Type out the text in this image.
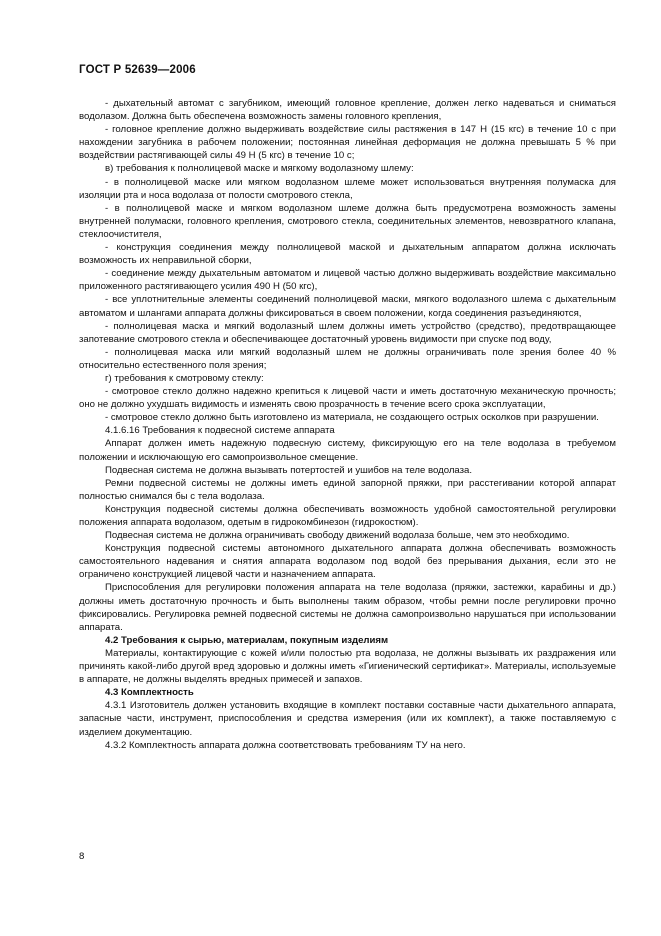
ГОСТ Р 52639—2006

- дыхательный автомат с загубником, имеющий головное крепление, должен легко надеваться и сниматься водолазом. Должна быть обеспечена возможность замены головного крепления,

- головное крепление должно выдерживать воздействие силы растяжения в 147 Н (15 кгс) в течение 10 с при нахождении загубника в рабочем положении; постоянная линейная деформация не должна превышать 5 % при воздействии растягивающей силы 49 Н (5 кгс) в течение 10 с;

в) требования к полнолицевой маске и мягкому водолазному шлему:

- в полнолицевой маске или мягком водолазном шлеме может использоваться внутренняя полумаска для изоляции рта и носа водолаза от полости смотрового стекла,

- в полнолицевой маске и мягком водолазном шлеме должна быть предусмотрена возможность замены внутренней полумаски, головного крепления, смотрового стекла, соединительных элементов, невозвратного клапана, стеклоочистителя,

- конструкция соединения между полнолицевой маской и дыхательным аппаратом должна исключать возможность их неправильной сборки,

- соединение между дыхательным автоматом и лицевой частью должно выдерживать воздействие максимально приложенного растягивающего усилия 490 Н (50 кгс),

- все уплотнительные элементы соединений полнолицевой маски, мягкого водолазного шлема с дыхательным автоматом и шлангами аппарата должны фиксироваться в своем положении, когда соединения разъединяются,

- полнолицевая маска и мягкий водолазный шлем должны иметь устройство (средство), предотвращающее запотевание смотрового стекла и обеспечивающее достаточный уровень видимости при спуске под воду,

- полнолицевая маска или мягкий водолазный шлем не должны ограничивать поле зрения более 40 % относительно естественного поля зрения;

г) требования к смотровому стеклу:

- смотровое стекло должно надежно крепиться к лицевой части и иметь достаточную механическую прочность; оно не должно ухудшать видимость и изменять свою прозрачность в течение всего срока эксплуатации,

- смотровое стекло должно быть изготовлено из материала, не создающего острых осколков при разрушении.

4.1.6.16 Требования к подвесной системе аппарата

Аппарат должен иметь надежную подвесную систему, фиксирующую его на теле водолаза в требуемом положении и исключающую его самопроизвольное смещение.

Подвесная система не должна вызывать потертостей и ушибов на теле водолаза.

Ремни подвесной системы не должны иметь единой запорной пряжки, при расстегивании которой аппарат полностью снимался бы с тела водолаза.

Конструкция подвесной системы должна обеспечивать возможность удобной самостоятельной регулировки положения аппарата водолазом, одетым в гидрокомбинезон (гидрокостюм).

Подвесная система не должна ограничивать свободу движений водолаза больше, чем это необходимо.

Конструкция подвесной системы автономного дыхательного аппарата должна обеспечивать возможность самостоятельного надевания и снятия аппарата водолазом под водой без прерывания дыхания, если это не ограничено конструкцией лицевой части и назначением аппарата.

Приспособления для регулировки положения аппарата на теле водолаза (пряжки, застежки, карабины и др.) должны иметь достаточную прочность и быть выполнены таким образом, чтобы ремни после регулировки прочно фиксировались. Регулировка ремней подвесной системы не должна самопроизвольно нарушаться при использовании аппарата.

4.2 Требования к сырью, материалам, покупным изделиям

Материалы, контактирующие с кожей и/или полостью рта водолаза, не должны вызывать их раздражения или причинять какой-либо другой вред здоровью и должны иметь «Гигиенический сертификат». Материалы, используемые в аппарате, не должны выделять вредных примесей и запахов.

4.3 Комплектность

4.3.1 Изготовитель должен установить входящие в комплект поставки составные части дыхательного аппарата, запасные части, инструмент, приспособления и средства измерения (или их комплект), а также поставляемую с изделием документацию.

4.3.2 Комплектность аппарата должна соответствовать требованиям ТУ на него.

8
